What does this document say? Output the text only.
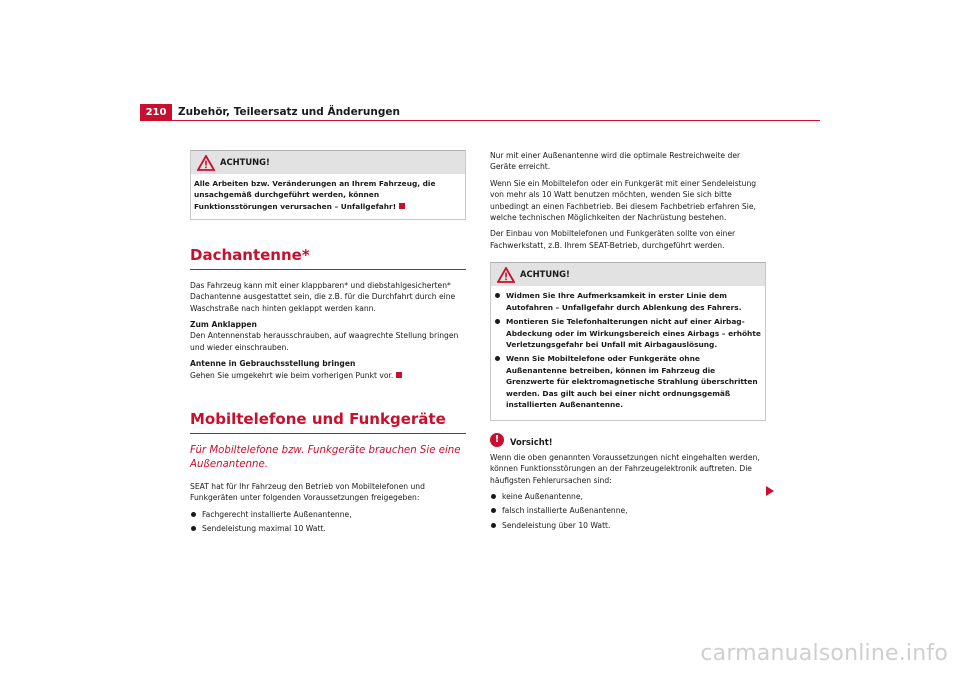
210	Zubehör, Teileersatz und Änderungen
ACHTUNG!

Alle Arbeiten bzw. Veränderungen an Ihrem Fahrzeug, die unsachgemäß durchgeführt werden, können Funktionsstörungen verursachen – Unfallgefahr!

Dachantenne*

Das Fahrzeug kann mit einer klappbaren* und diebstahlgesicherten* Dachantenne ausgestattet sein, die z.B. für die Durchfahrt durch eine Waschstraße nach hinten geklappt werden kann.

Zum Anklappen

Den Antennenstab herausschrauben, auf waagrechte Stellung bringen und wieder einschrauben.

Antenne in Gebrauchsstellung bringen

Gehen Sie umgekehrt wie beim vorherigen Punkt vor.

Mobiltelefone und Funkgeräte

Für Mobiltelefone bzw. Funkgeräte brauchen Sie eine Außenantenne.

SEAT hat für Ihr Fahrzeug den Betrieb von Mobiltelefonen und Funkgeräten unter folgenden Voraussetzungen freigegeben:

Fachgerecht installierte Außenantenne,
Sendeleistung maximal 10 Watt.

Nur mit einer Außenantenne wird die optimale Restreichweite der Geräte erreicht.

Wenn Sie ein Mobiltelefon oder ein Funkgerät mit einer Sendeleistung von mehr als 10 Watt benutzen möchten, wenden Sie sich bitte unbedingt an einen Fachbetrieb. Bei diesem Fachbetrieb erfahren Sie, welche technischen Möglichkeiten der Nachrüstung bestehen.

Der Einbau von Mobiltelefonen und Funkgeräten sollte von einer Fachwerkstatt, z.B. Ihrem SEAT-Betrieb, durchgeführt werden.

ACHTUNG!
Widmen Sie Ihre Aufmerksamkeit in erster Linie dem Autofahren – Unfallgefahr durch Ablenkung des Fahrers.
Montieren Sie Telefonhalterungen nicht auf einer Airbag-Abdeckung oder im Wirkungsbereich eines Airbags – erhöhte Verletzungsgefahr bei Unfall mit Airbagauslösung.
Wenn Sie Mobiltelefone oder Funkgeräte ohne Außenantenne betreiben, können im Fahrzeug die Grenzwerte für elektromagnetische Strahlung überschritten werden. Das gilt auch bei einer nicht ordnungsgemäß installierten Außenantenne.
!	Vorsicht!

Wenn die oben genannten Voraussetzungen nicht eingehalten werden, können Funktionsstörungen an der Fahrzeugelektronik auftreten. Die häufigsten Fehlerursachen sind:

keine Außenantenne,
falsch installierte Außenantenne,
Sendeleistung über 10 Watt.
carmanualsonline.info
